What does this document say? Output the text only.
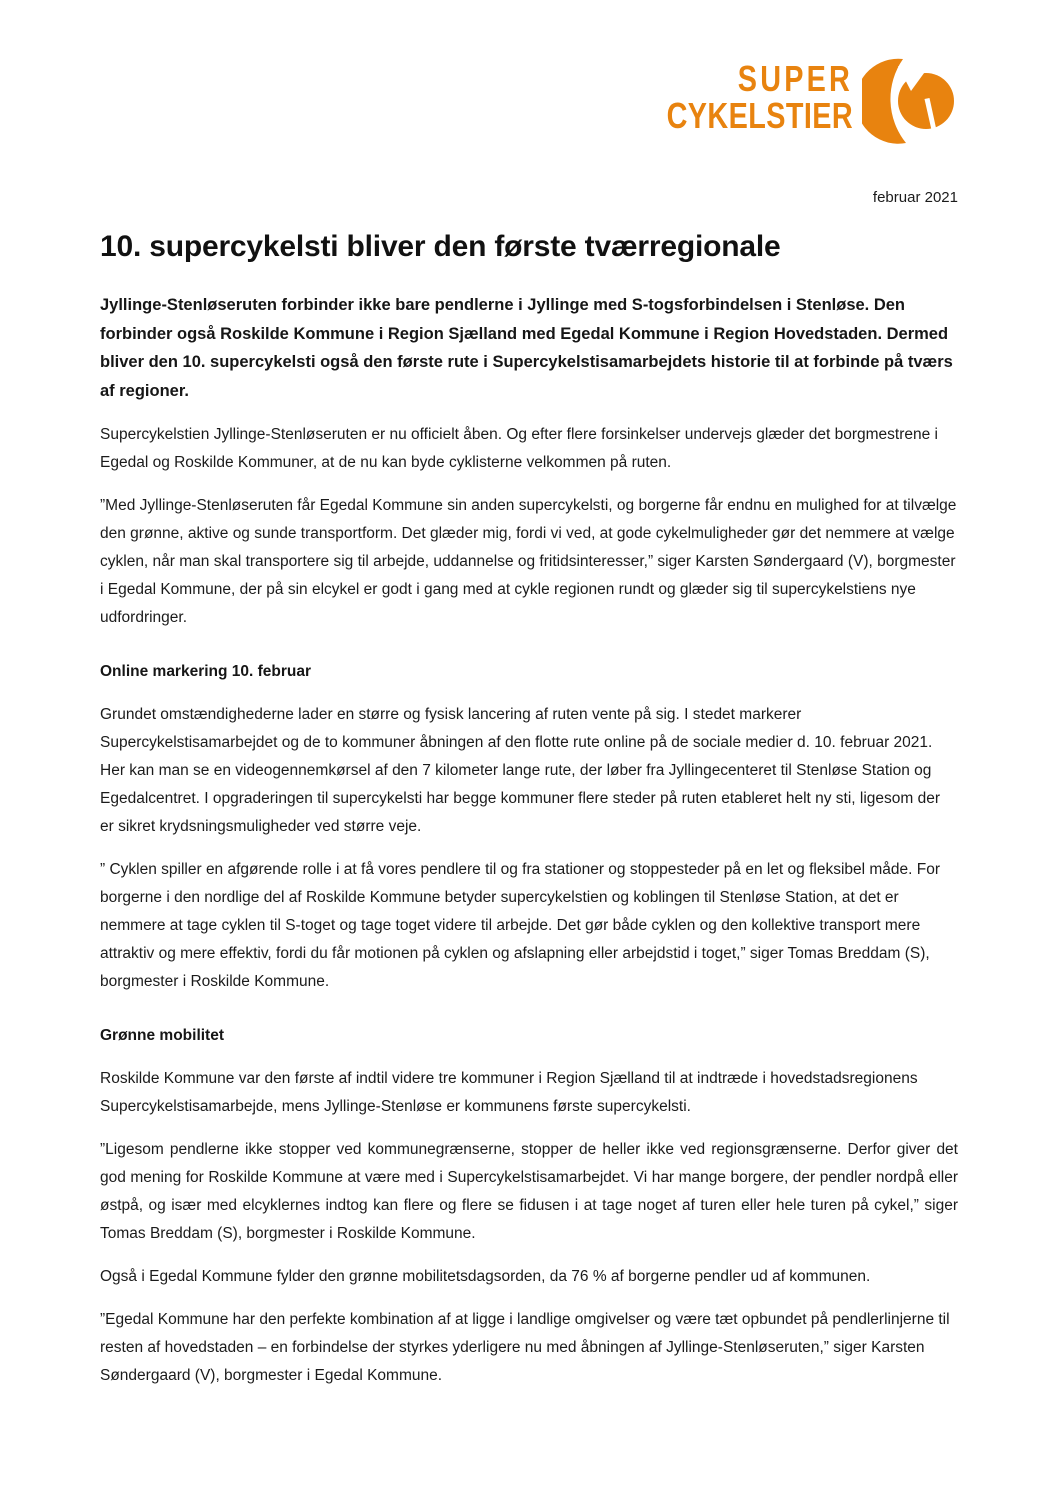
SUPER
CYKELSTIER
februar 2021
10. supercykelsti bliver den første tværregionale

Jyllinge-Stenløseruten forbinder ikke bare pendlerne i Jyllinge med S-togsforbindelsen i Stenløse. Den forbinder også Roskilde Kommune i Region Sjælland med Egedal Kommune i Region Hovedstaden. Dermed bliver den 10. supercykelsti også den første rute i Supercykelstisamarbejdets historie til at forbinde på tværs af regioner.

Supercykelstien Jyllinge-Stenløseruten er nu officielt åben. Og efter flere forsinkelser undervejs glæder det borgmestrene i Egedal og Roskilde Kommuner, at de nu kan byde cyklisterne velkommen på ruten.

”Med Jyllinge-Stenløseruten får Egedal Kommune sin anden supercykelsti, og borgerne får endnu en mulighed for at tilvælge den grønne, aktive og sunde transportform. Det glæder mig, fordi vi ved, at gode cykelmuligheder gør det nemmere at vælge cyklen, når man skal transportere sig til arbejde, uddannelse og fritidsinteresser,” siger Karsten Søndergaard (V), borgmester i Egedal Kommune, der på sin elcykel er godt i gang med at cykle regionen rundt og glæder sig til supercykelstiens nye udfordringer.

Online markering 10. februar

Grundet omstændighederne lader en større og fysisk lancering af ruten vente på sig. I stedet markerer Supercykelstisamarbejdet og de to kommuner åbningen af den flotte rute online på de sociale medier d. 10. februar 2021. Her kan man se en videogennemkørsel af den 7 kilometer lange rute, der løber fra Jyllingecenteret til Stenløse Station og Egedalcentret. I opgraderingen til supercykelsti har begge kommuner flere steder på ruten etableret helt ny sti, ligesom der er sikret krydsningsmuligheder ved større veje.

” Cyklen spiller en afgørende rolle i at få vores pendlere til og fra stationer og stoppesteder på en let og fleksibel måde. For borgerne i den nordlige del af Roskilde Kommune betyder supercykelstien og koblingen til Stenløse Station, at det er nemmere at tage cyklen til S-toget og tage toget videre til arbejde. Det gør både cyklen og den kollektive transport mere attraktiv og mere effektiv, fordi du får motionen på cyklen og afslapning eller arbejdstid i toget,” siger Tomas Breddam (S), borgmester i Roskilde Kommune.

Grønne mobilitet

Roskilde Kommune var den første af indtil videre tre kommuner i Region Sjælland til at indtræde i hovedstadsregionens Supercykelstisamarbejde, mens Jyllinge-Stenløse er kommunens første supercykelsti.

”Ligesom pendlerne ikke stopper ved kommunegrænserne, stopper de heller ikke ved regionsgrænserne. Derfor giver det god mening for Roskilde Kommune at være med i Supercykelstisamarbejdet. Vi har mange borgere, der pendler nordpå eller østpå, og især med elcyklernes indtog kan flere og flere se fidusen i at tage noget af turen eller hele turen på cykel,” siger Tomas Breddam (S), borgmester i Roskilde Kommune.

Også i Egedal Kommune fylder den grønne mobilitetsdagsorden, da 76 % af borgerne pendler ud af kommunen.

”Egedal Kommune har den perfekte kombination af at ligge i landlige omgivelser og være tæt opbundet på pendlerlinjerne til resten af hovedstaden – en forbindelse der styrkes yderligere nu med åbningen af Jyllinge-Stenløseruten,” siger Karsten Søndergaard (V), borgmester i Egedal Kommune.
